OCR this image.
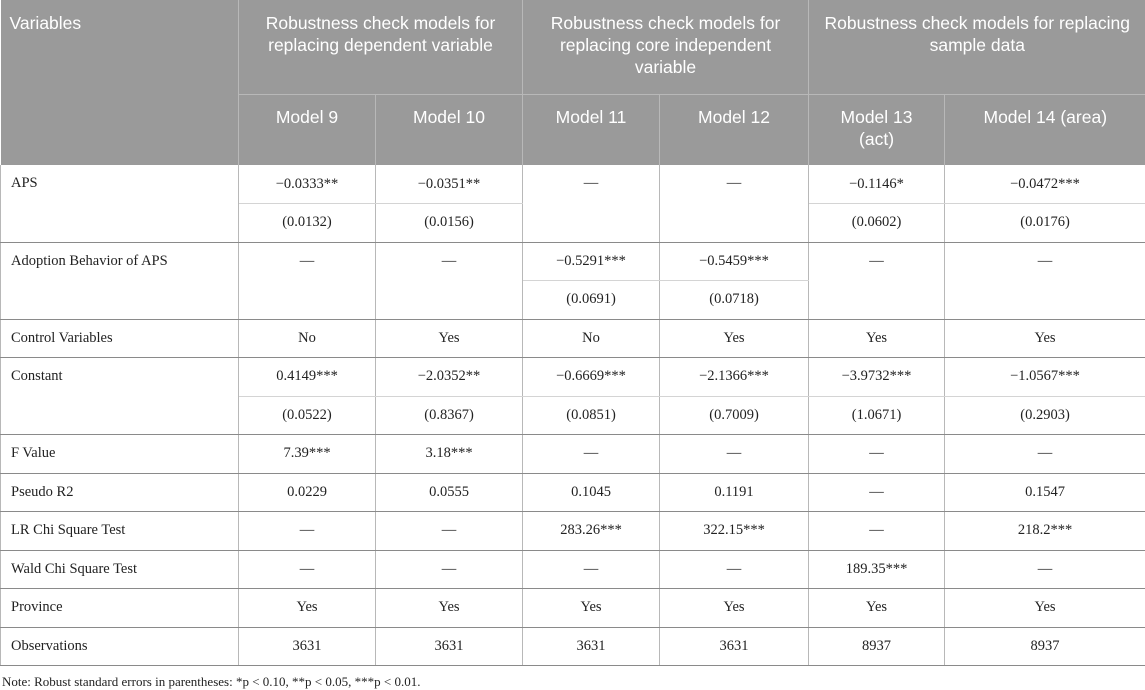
Variables	Robustness check models for replacing dependent variable		Robustness check models for replacing core independent variable		Robustness check models for replacing sample data	
	Model 9	Model 10	Model 11	Model 12	Model 13 (act)	Model 14 (area)
APS	−0.0333**	−0.0351**	—	—	−0.1146*	−0.0472***
	(0.0132)	(0.0156)			(0.0602)	(0.0176)
Adoption Behavior of APS	—	—	−0.5291***	−0.5459***	—	—
			(0.0691)	(0.0718)		
Control Variables	No	Yes	No	Yes	Yes	Yes
Constant	0.4149***	−2.0352**	−0.6669***	−2.1366***	−3.9732***	−1.0567***
	(0.0522)	(0.8367)	(0.0851)	(0.7009)	(1.0671)	(0.2903)
F Value	7.39***	3.18***	—	—	—	—
Pseudo R2	0.0229	0.0555	0.1045	0.1191	—	0.1547
LR Chi Square Test	—	—	283.26***	322.15***	—	218.2***
Wald Chi Square Test	—	—	—	—	189.35***	—
Province	Yes	Yes	Yes	Yes	Yes	Yes
Observations	3631	3631	3631	3631	8937	8937
Note: Robust standard errors in parentheses: *p < 0.10, **p < 0.05, ***p < 0.01.
